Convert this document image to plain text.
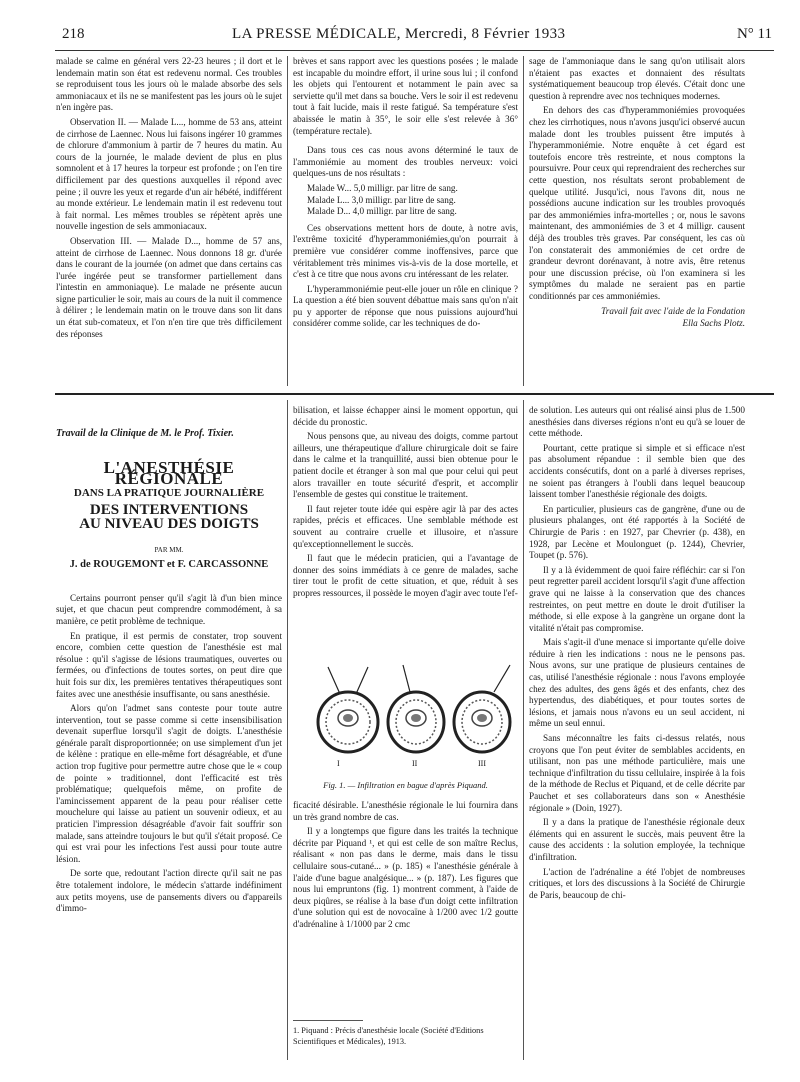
218	LA PRESSE MÉDICALE, Mercredi, 8 Février 1933	N° 11

malade se calme en général vers 22-23 heures ; il dort et le lendemain matin son état est redevenu normal. Ces troubles se reproduisent tous les jours où le malade absorbe des sels ammoniacaux et ils ne se manifestent pas les jours où le sujet n'en ingère pas.

Observation II. — Malade L..., homme de 53 ans, atteint de cirrhose de Laennec. Nous lui faisons ingérer 10 grammes de chlorure d'ammonium à partir de 7 heures du matin. Au cours de la journée, le malade devient de plus en plus somnolent et à 17 heures la torpeur est profonde ; on l'en tire difficilement par des questions auxquelles il répond avec peine ; il ouvre les yeux et regarde d'un air hébété, indifférent au monde extérieur. Le lendemain matin il est redevenu tout à fait normal. Les mêmes troubles se répètent après une nouvelle ingestion de sels ammoniacaux.

Observation III. — Malade D..., homme de 57 ans, atteint de cirrhose de Laennec. Nous donnons 18 gr. d'urée dans le courant de la journée (on admet que dans certains cas l'urée ingérée peut se transformer partiellement dans l'intestin en ammoniaque). Le malade ne présente aucun signe particulier le soir, mais au cours de la nuit il commence à délirer ; le lendemain matin on le trouve dans son lit dans un état sub-comateux, et l'on n'en tire que très difficilement des réponses

brèves et sans rapport avec les questions posées ; le malade est incapable du moindre effort, il urine sous lui ; il confond les objets qui l'entourent et notamment le pain avec sa serviette qu'il met dans sa bouche. Vers le soir il est redevenu tout à fait lucide, mais il reste fatigué. Sa température s'est abaissée le matin à 35°, le soir elle s'est relevée à 36° (température rectale).

Dans tous ces cas nous avons déterminé le taux de l'ammoniémie au moment des troubles nerveux: voici quelques-uns de nos résultats :

Malade W... 5,0 milligr. par litre de sang.
Malade L... 3,0 milligr. par litre de sang.
Malade D... 4,0 milligr. par litre de sang.

Ces observations mettent hors de doute, à notre avis, l'extrême toxicité d'hyperammoniémies,qu'on pourrait à première vue considérer comme inoffensives, parce que véritablement très minimes vis-à-vis de la dose mortelle, et c'est à ce titre que nous avons cru intéressant de les relater.

L'hyperammoniémie peut-elle jouer un rôle en clinique ? La question a été bien souvent débattue mais sans qu'on n'ait pu y apporter de réponse que nous puissions aujourd'hui considérer comme solide, car les techniques de do-

sage de l'ammoniaque dans le sang qu'on utilisait alors n'étaient pas exactes et donnaient des résultats systématiquement beaucoup trop élevés. C'était donc une question à reprendre avec nos techniques modernes.

En dehors des cas d'hyperammoniémies provoquées chez les cirrhotiques, nous n'avons jusqu'ici observé aucun malade dont les troubles puissent être imputés à l'hyperammoniémie. Notre enquête à cet égard est toutefois encore très restreinte, et nous comptons la poursuivre. Pour ceux qui reprendraient des recherches sur cette question, nos résultats seront probablement de quelque utilité. Jusqu'ici, nous l'avons dit, nous ne possédions aucune indication sur les troubles provoqués par des ammoniémies infra-mortelles ; or, nous le savons maintenant, des ammoniémies de 3 et 4 milligr. causent déjà des troubles très graves. Par conséquent, les cas où l'on constaterait des ammoniémies de cet ordre de grandeur devront dorénavant, à notre avis, être retenus pour une discussion précise, où l'on examinera si les symptômes du malade ne seraient pas en partie conditionnés par ces ammoniémies.

Travail fait avec l'aide de la Fondation
Ella Sachs Plotz.
Travail de la Clinique de M. le Prof. Tixier.
L'ANESTHÉSIE RÉGIONALE
DANS LA PRATIQUE JOURNALIÈRE
DES INTERVENTIONS
AU NIVEAU DES DOIGTS
PAR MM.
J. de ROUGEMONT et F. CARCASSONNE

Certains pourront penser qu'il s'agit là d'un bien mince sujet, et que chacun peut comprendre commodément, à sa manière, ce petit problème de technique.

En pratique, il est permis de constater, trop souvent encore, combien cette question de l'anesthésie est mal résolue : qu'il s'agisse de lésions traumatiques, ouvertes ou fermées, ou d'infections de toutes sortes, on peut dire que huit fois sur dix, les premières tentatives thérapeutiques sont faites avec une anesthésie insuffisante, ou sans anesthésie.

Alors qu'on l'admet sans conteste pour toute autre intervention, tout se passe comme si cette insensibilisation devenait superflue lorsqu'il s'agit de doigts. L'anesthésie générale paraît disproportionnée; on use simplement d'un jet de kélène : pratique en elle-même fort désagréable, et d'une action trop fugitive pour permettre autre chose que le « coup de pointe » traditionnel, dont l'efficacité est très problématique; quelquefois même, on profite de l'amincissement apparent de la peau pour réaliser cette mouchelure qui laisse au patient un souvenir odieux, et au praticien l'impression désagréable d'avoir fait souffrir son malade, sans atteindre toujours le but qu'il s'était proposé. Ce qui est vrai pour les infections l'est aussi pour toute autre lésion.

De sorte que, redoutant l'action directe qu'il sait ne pas être totalement indolore, le médecin s'attarde indéfiniment aux petits moyens, use de pansements divers ou d'appareils d'immo-

bilisation, et laisse échapper ainsi le moment opportun, qui décide du pronostic.

Nous pensons que, au niveau des doigts, comme partout ailleurs, une thérapeutique d'allure chirurgicale doit se faire dans le calme et la tranquillité, aussi bien obtenue pour le patient docile et étranger à son mal que pour celui qui peut alors travailler en toute sécurité d'esprit, et accomplir l'ensemble de gestes qui constitue le traitement.

Il faut rejeter toute idée qui espère agir là par des actes rapides, précis et efficaces. Une semblable méthode est souvent au contraire cruelle et illusoire, et n'assure qu'exceptionnellement le succès.

Il faut que le médecin praticien, qui a l'avantage de donner des soins immédiats à ce genre de malades, sache tirer tout le profit de cette situation, et que, réduit à ses propres ressources, il possède le moyen d'agir avec toute l'ef-

I	II	III
Fig. 1. — Infiltration en bague d'après Piquand.

ficacité désirable. L'anesthésie régionale le lui fournira dans un très grand nombre de cas.

Il y a longtemps que figure dans les traités la technique décrite par Piquand ¹, et qui est celle de son maître Reclus, réalisant « non pas dans le derme, mais dans le tissu cellulaire sous-cutané... » (p. 185) « l'anesthésie générale à l'aide d'une bague analgésique... » (p. 187). Les figures que nous lui empruntons (fig. 1) montrent comment, à l'aide de deux piqûres, se réalise à la base d'un doigt cette infiltration d'une solution qui est de novocaïne à 1/200 avec 1/2 goutte d'adrénaline à 1/1000 par 2 cmc

1. Piquand : Précis d'anesthésie locale (Société d'Editions Scientifiques et Médicales), 1913.

de solution. Les auteurs qui ont réalisé ainsi plus de 1.500 anesthésies dans diverses régions n'ont eu qu'à se louer de cette méthode.

Pourtant, cette pratique si simple et si efficace n'est pas absolument répandue : il semble bien que des accidents consécutifs, dont on a parlé à diverses reprises, ne soient pas étrangers à l'oubli dans lequel beaucoup laissent tomber l'anesthésie régionale des doigts.

En particulier, plusieurs cas de gangrène, d'une ou de plusieurs phalanges, ont été rapportés à la Société de Chirurgie de Paris : en 1927, par Chevrier (p. 438), en 1928, par Lecène et Moulonguet (p. 1244), Chevrier, Toupet (p. 576).

Il y a là évidemment de quoi faire réfléchir: car si l'on peut regretter pareil accident lorsqu'il s'agit d'une affection grave qui ne laisse à la conservation que des chances restreintes, on peut mettre en doute le droit d'utiliser la méthode, si elle expose à la gangrène un organe dont la vitalité n'était pas compromise.

Mais s'agit-il d'une menace si importante qu'elle doive réduire à rien les indications : nous ne le pensons pas. Nous avons, sur une pratique de plusieurs centaines de cas, utilisé l'anesthésie régionale : nous l'avons employée chez des adultes, des gens âgés et des enfants, chez des hypertendus, des diabétiques, et pour toutes sortes de lésions, et jamais nous n'avons eu un seul accident, ni même un seul ennui.

Sans méconnaître les faits ci-dessus relatés, nous croyons que l'on peut éviter de semblables accidents, en utilisant, non pas une méthode particulière, mais une technique d'infiltration du tissu cellulaire, inspirée à la fois de la méthode de Reclus et Piquand, et de celle décrite par Pauchet et ses collaborateurs dans son « Anesthésie régionale » (Doin, 1927).

Il y a dans la pratique de l'anesthésie régionale deux éléments qui en assurent le succès, mais peuvent être la cause des accidents : la solution employée, la technique d'infiltration.

L'action de l'adrénaline a été l'objet de nombreuses critiques, et lors des discussions à la Société de Chirurgie de Paris, beaucoup de chi-
